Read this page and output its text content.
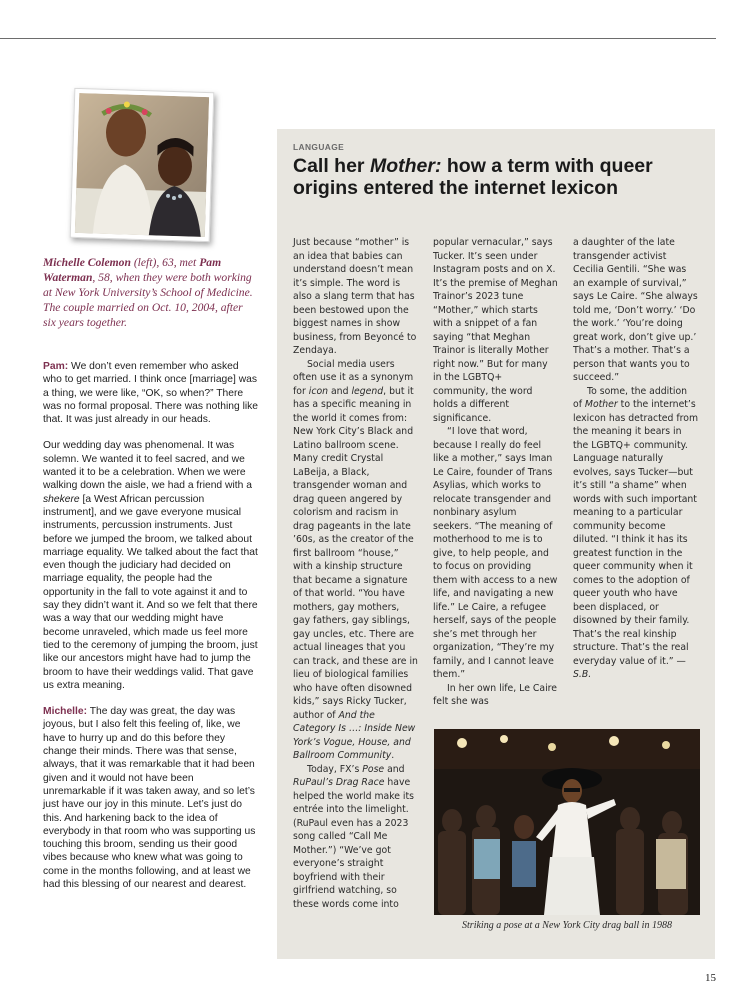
Michelle Colemon (left), 63, met Pam Waterman, 58, when they were both working at New York University’s School of Medicine. The couple married on Oct. 10, 2004, after six years together.

Pam: We don’t even remember who asked who to get married. I think once [marriage] was a thing, we were like, “OK, so when?” There was no formal proposal. There was nothing like that. It was just already in our heads.

Our wedding day was phenomenal. It was solemn. We wanted it to feel sacred, and we wanted it to be a celebration. When we were walking down the aisle, we had a friend with a shekere [a West African percussion instrument], and we gave everyone musical instruments, percussion instruments. Just before we jumped the broom, we talked about marriage equality. We talked about the fact that even though the judiciary had decided on marriage equality, the people had the opportunity in the fall to vote against it and to say they didn’t want it. And so we felt that there was a way that our wedding might have become unraveled, which made us feel more tied to the ceremony of jumping the broom, just like our ancestors might have had to jump the broom to have their weddings valid. That gave us extra meaning.

Michelle: The day was great, the day was joyous, but I also felt this feeling of, like, we have to hurry up and do this before they change their minds. There was that sense, always, that it was remarkable that it had been given and it would not have been unremarkable if it was taken away, and so let’s just have our joy in this minute. Let’s just do this. And harkening back to the idea of everybody in that room who was supporting us touching this broom, sending us their good vibes because who knew what was going to come in the months following, and at least we had this blessing of our nearest and dearest.

LANGUAGE
Call her Mother: how a term with queer origins entered the internet lexicon

Just because “mother” is an idea that babies can understand doesn’t mean it’s simple. The word is also a slang term that has been bestowed upon the biggest names in show business, from Beyoncé to Zendaya.

Social media users often use it as a synonym for icon and legend, but it has a specific meaning in the world it comes from: New York City’s Black and Latino ballroom scene. Many credit Crystal LaBeija, a Black, transgender woman and drag queen angered by colorism and racism in drag pageants in the late ’60s, as the creator of the first ballroom “house,” with a kinship structure that became a signature of that world. “You have mothers, gay mothers, gay fathers, gay siblings, gay uncles, etc. There are actual lineages that you can track, and these are in lieu of biological families who have often disowned kids,” says Ricky Tucker, author of And the Category Is …: Inside New York’s Vogue, House, and Ballroom Community.

Today, FX’s Pose and RuPaul’s Drag Race have helped the world make its entrée into the limelight. (RuPaul even has a 2023 song called “Call Me Mother.”) “We’ve got everyone’s straight boyfriend with their girlfriend watching, so these words come into

popular vernacular,” says Tucker. It’s seen under Instagram posts and on X. It’s the premise of Meghan Trainor’s 2023 tune “Mother,” which starts with a snippet of a fan saying “that Meghan Trainor is literally Mother right now.” But for many in the LGBTQ+ community, the word holds a different significance.

“I love that word, because I really do feel like a mother,” says Iman Le Caire, founder of Trans Asylias, which works to relocate transgender and nonbinary asylum seekers. “The meaning of motherhood to me is to give, to help people, and to focus on providing them with access to a new life, and navigating a new life.” Le Caire, a refugee herself, says of the people she’s met through her organization, “They’re my family, and I cannot leave them.”

In her own life, Le Caire felt she was

a daughter of the late transgender activist Cecilia Gentili. “She was an example of survival,” says Le Caire. “She always told me, ‘Don’t worry.’ ‘Do the work.’ ‘You’re doing great work, don’t give up.’ That’s a mother. That’s a person that wants you to succeed.”

To some, the addition of Mother to the internet’s lexicon has detracted from the meaning it bears in the LGBTQ+ community. Language naturally evolves, says Tucker—but it’s still “a shame” when words with such important meaning to a particular community become diluted. “I think it has its greatest function in the queer community when it comes to the adoption of queer youth who have been displaced, or disowned by their family. That’s the real kinship structure. That’s the real everyday value of it.” —S.B.

Striking a pose at a New York City drag ball in 1988
15
